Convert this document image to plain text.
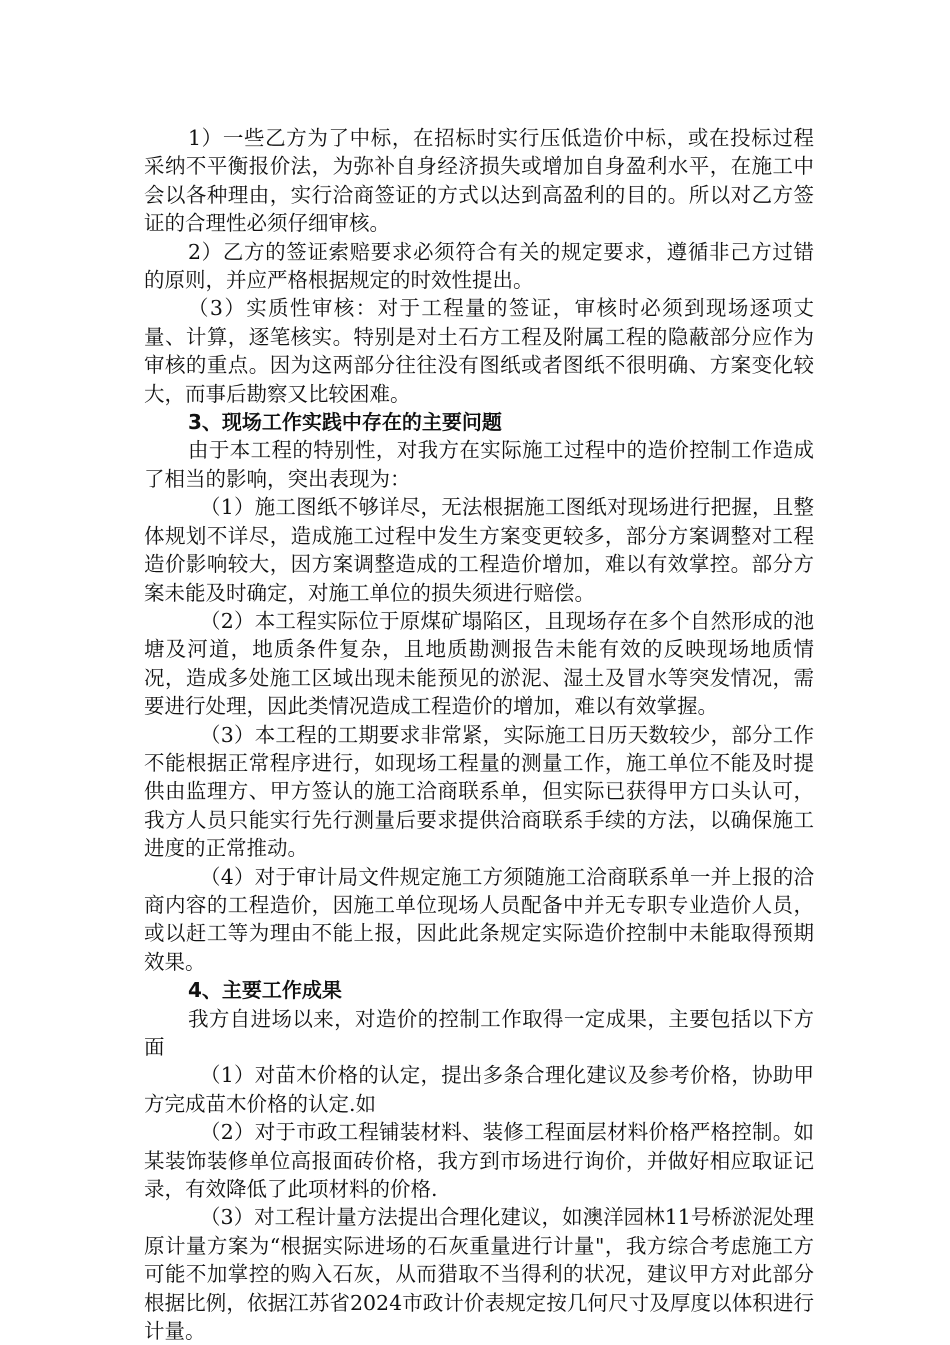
1）一些乙方为了中标，在招标时实行压低造价中标，或在投标过程采纳不平衡报价法，为弥补自身经济损失或增加自身盈利水平，在施工中会以各种理由，实行洽商签证的方式以达到高盈利的目的。所以对乙方签证的合理性必须仔细审核。

2）乙方的签证索赔要求必须符合有关的规定要求，遵循非己方过错的原则，并应严格根据规定的时效性提出。

（3）实质性审核：对于工程量的签证，审核时必须到现场逐项丈量、计算，逐笔核实。特别是对土石方工程及附属工程的隐蔽部分应作为审核的重点。因为这两部分往往没有图纸或者图纸不很明确、方案变化较大，而事后勘察又比较困难。

3、现场工作实践中存在的主要问题

由于本工程的特别性，对我方在实际施工过程中的造价控制工作造成了相当的影响，突出表现为：

（1）施工图纸不够详尽，无法根据施工图纸对现场进行把握，且整体规划不详尽，造成施工过程中发生方案变更较多，部分方案调整对工程造价影响较大，因方案调整造成的工程造价增加，难以有效掌控。部分方案未能及时确定，对施工单位的损失须进行赔偿。

（2）本工程实际位于原煤矿塌陷区，且现场存在多个自然形成的池塘及河道，地质条件复杂，且地质勘测报告未能有效的反映现场地质情况，造成多处施工区域出现未能预见的淤泥、湿土及冒水等突发情况，需要进行处理，因此类情况造成工程造价的增加，难以有效掌握。

（3）本工程的工期要求非常紧，实际施工日历天数较少，部分工作不能根据正常程序进行，如现场工程量的测量工作，施工单位不能及时提供由监理方、甲方签认的施工洽商联系单，但实际已获得甲方口头认可，我方人员只能实行先行测量后要求提供洽商联系手续的方法，以确保施工进度的正常推动。

（4）对于审计局文件规定施工方须随施工洽商联系单一并上报的洽商内容的工程造价，因施工单位现场人员配备中并无专职专业造价人员，或以赶工等为理由不能上报，因此此条规定实际造价控制中未能取得预期效果。

4、主要工作成果

我方自进场以来，对造价的控制工作取得一定成果，主要包括以下方面

（1）对苗木价格的认定，提出多条合理化建议及参考价格，协助甲方完成苗木价格的认定.如

（2）对于市政工程铺装材料、装修工程面层材料价格严格控制。如某装饰装修单位高报面砖价格，我方到市场进行询价，并做好相应取证记录，有效降低了此项材料的价格.

（3）对工程计量方法提出合理化建议，如澳洋园林11号桥淤泥处理原计量方案为“根据实际进场的石灰重量进行计量"，我方综合考虑施工方可能不加掌控的购入石灰，从而猎取不当得利的状况，建议甲方对此部分根据比例，依据江苏省2024市政计价表规定按几何尺寸及厚度以体积进行计量。
